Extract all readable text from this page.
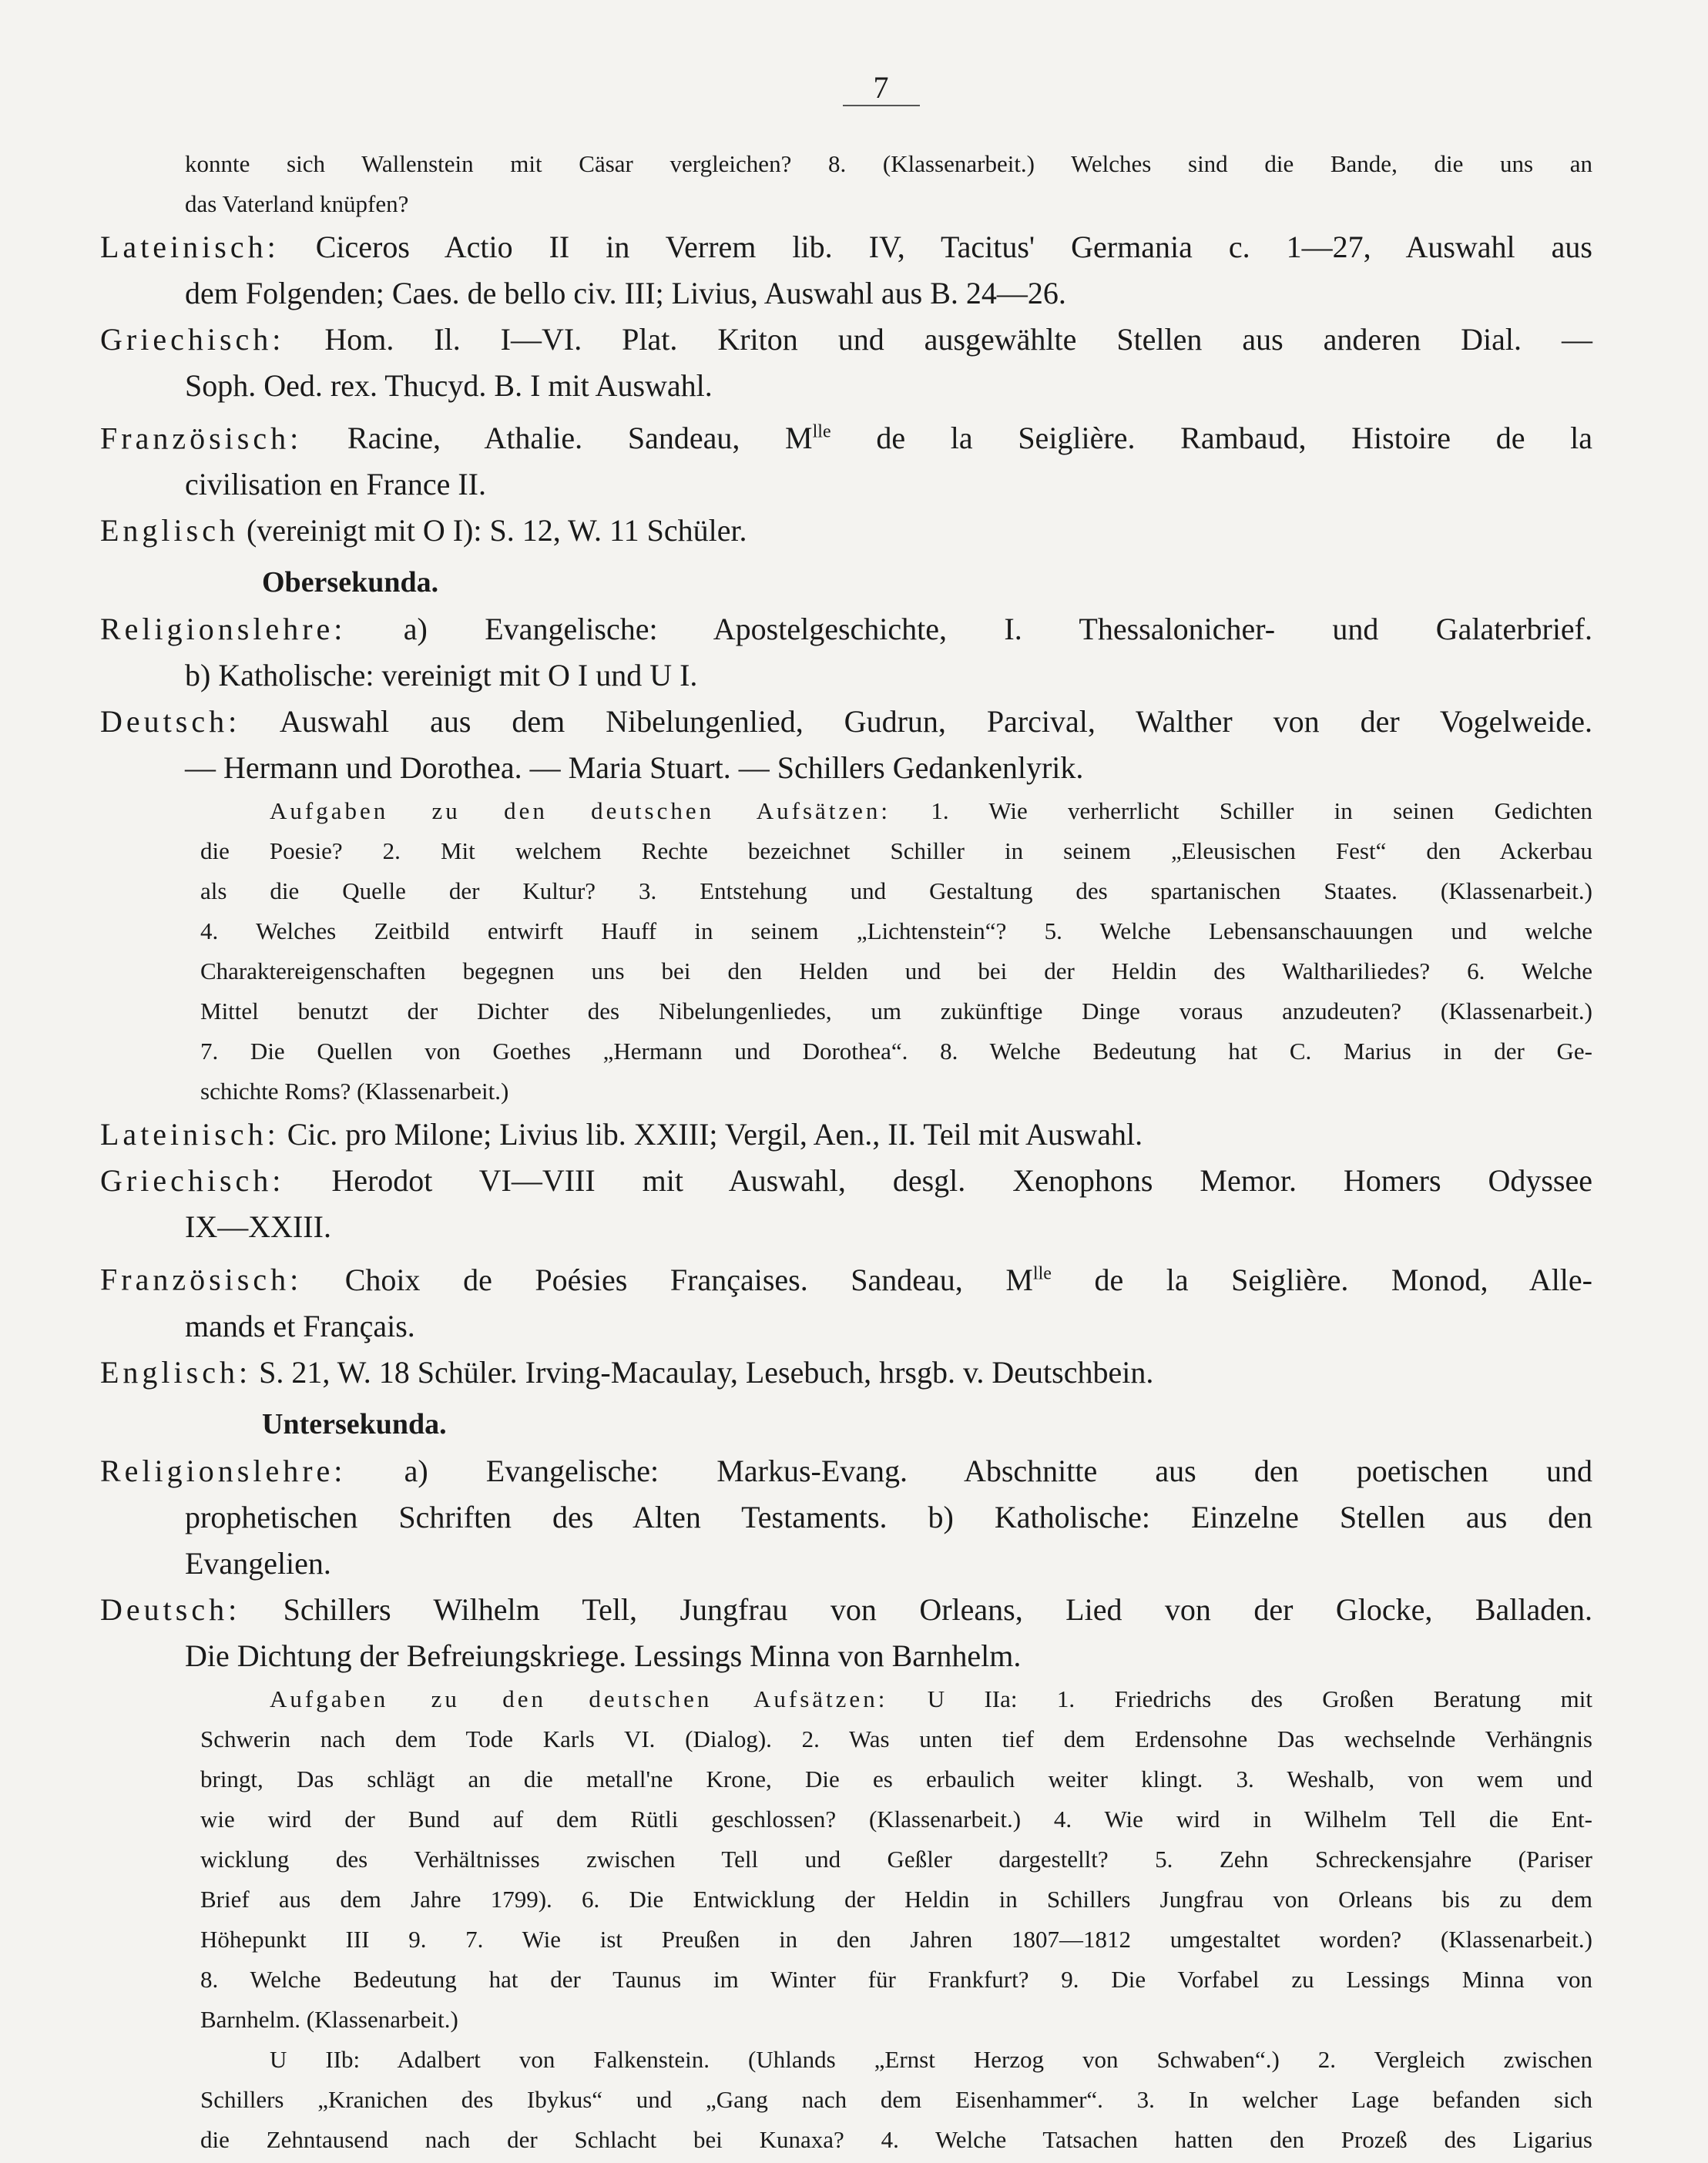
7
konnte sich Wallenstein mit Cäsar vergleichen? 8. (Klassenarbeit.) Welches sind die Bande, die uns an
das Vaterland knüpfen?
Lateinisch: Ciceros Actio II in Verrem lib. IV, Tacitus' Germania c. 1—27, Auswahl aus
dem Folgenden; Caes. de bello civ. III; Livius, Auswahl aus B. 24—26.
Griechisch: Hom. Il. I—VI. Plat. Kriton und ausgewählte Stellen aus anderen Dial. —
Soph. Oed. rex. Thucyd. B. I mit Auswahl.
Französisch: Racine, Athalie. Sandeau, $M^{lle}$ de la Seiglière. Rambaud, Histoire de la
civilisation en France II.
Englisch (vereinigt mit O I): S. 12, W. 11 Schüler.
Obersekunda.
Religionslehre: a) Evangelische: Apostelgeschichte, I. Thessalonicher- und Galaterbrief.
b) Katholische: vereinigt mit O I und U I.
Deutsch: Auswahl aus dem Nibelungenlied, Gudrun, Parcival, Walther von der Vogelweide.
— Hermann und Dorothea. — Maria Stuart. — Schillers Gedankenlyrik.
Aufgaben zu den deutschen Aufsätzen: 1. Wie verherrlicht Schiller in seinen Gedichten
die Poesie? 2. Mit welchem Rechte bezeichnet Schiller in seinem „Eleusischen Fest“ den Ackerbau
als die Quelle der Kultur? 3. Entstehung und Gestaltung des spartanischen Staates. (Klassenarbeit.)
4. Welches Zeitbild entwirft Hauff in seinem „Lichtenstein“? 5. Welche Lebensanschauungen und welche
Charaktereigenschaften begegnen uns bei den Helden und bei der Heldin des Walthariliedes? 6. Welche
Mittel benutzt der Dichter des Nibelungenliedes, um zukünftige Dinge voraus anzudeuten? (Klassenarbeit.)
7. Die Quellen von Goethes „Hermann und Dorothea“. 8. Welche Bedeutung hat C. Marius in der Ge-
schichte Roms? (Klassenarbeit.)
Lateinisch: Cic. pro Milone; Livius lib. XXIII; Vergil, Aen., II. Teil mit Auswahl.
Griechisch: Herodot VI—VIII mit Auswahl, desgl. Xenophons Memor. Homers Odyssee
IX—XXIII.
Französisch: Choix de Poésies Françaises. Sandeau, $M^{lle}$ de la Seiglière. Monod, Alle-
mands et Français.
Englisch: S. 21, W. 18 Schüler. Irving-Macaulay, Lesebuch, hrsgb. v. Deutschbein.
Untersekunda.
Religionslehre: a) Evangelische: Markus-Evang. Abschnitte aus den poetischen und
prophetischen Schriften des Alten Testaments. b) Katholische: Einzelne Stellen aus den
Evangelien.
Deutsch: Schillers Wilhelm Tell, Jungfrau von Orleans, Lied von der Glocke, Balladen.
Die Dichtung der Befreiungskriege. Lessings Minna von Barnhelm.
Aufgaben zu den deutschen Aufsätzen: U IIa: 1. Friedrichs des Großen Beratung mit
Schwerin nach dem Tode Karls VI. (Dialog). 2. Was unten tief dem Erdensohne Das wechselnde Verhängnis
bringt, Das schlägt an die metall'ne Krone, Die es erbaulich weiter klingt. 3. Weshalb, von wem und
wie wird der Bund auf dem Rütli geschlossen? (Klassenarbeit.) 4. Wie wird in Wilhelm Tell die Ent-
wicklung des Verhältnisses zwischen Tell und Geßler dargestellt? 5. Zehn Schreckensjahre (Pariser
Brief aus dem Jahre 1799). 6. Die Entwicklung der Heldin in Schillers Jungfrau von Orleans bis zu dem
Höhepunkt III 9. 7. Wie ist Preußen in den Jahren 1807—1812 umgestaltet worden? (Klassenarbeit.)
8. Welche Bedeutung hat der Taunus im Winter für Frankfurt? 9. Die Vorfabel zu Lessings Minna von
Barnhelm. (Klassenarbeit.)
U IIb: Adalbert von Falkenstein. (Uhlands „Ernst Herzog von Schwaben“.) 2. Vergleich zwischen
Schillers „Kranichen des Ibykus“ und „Gang nach dem Eisenhammer“. 3. In welcher Lage befanden sich
die Zehntausend nach der Schlacht bei Kunaxa? 4. Welche Tatsachen hatten den Prozeß des Ligarius
